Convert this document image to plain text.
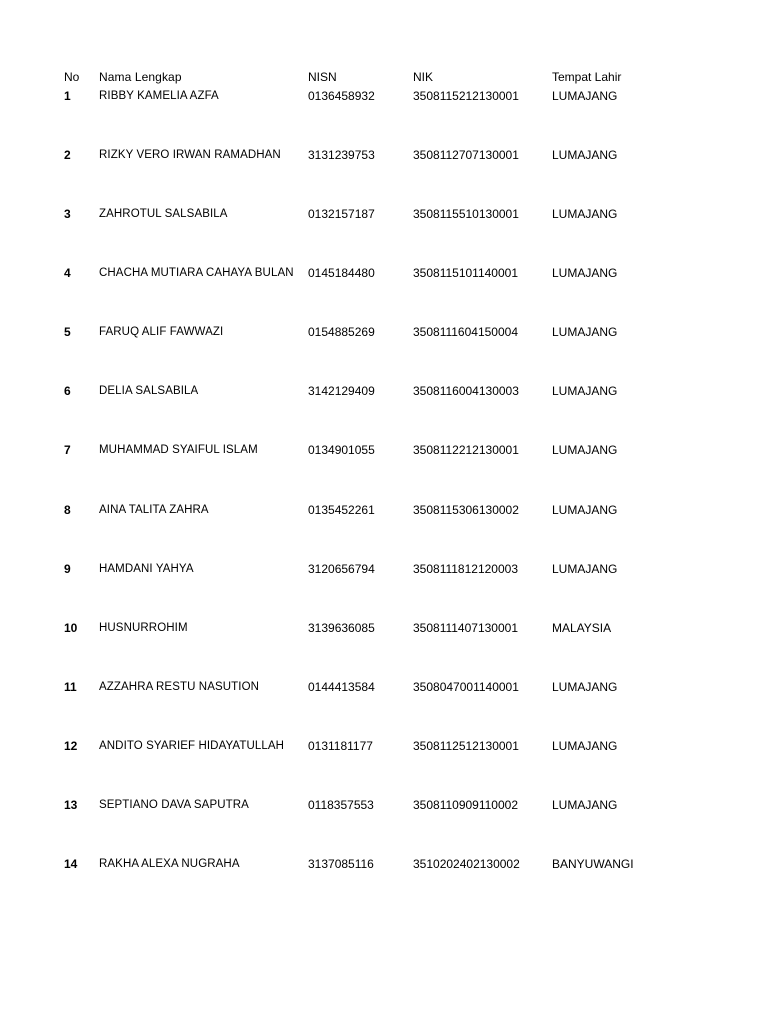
No Nama Lengkap	NISN	NIK	Tempat Lahir
1 RIBBY KAMELIA AZFA	0136458932	3508115212130001	LUMAJANG
2 RIZKY VERO IRWAN RAMADHAN 3131239753	3508112707130001	LUMAJANG
3 ZAHROTUL SALSABILA	0132157187	3508115510130001	LUMAJANG
4 CHACHA MUTIARA CAHAYA BULAN 0145184480	3508115101140001	LUMAJANG
5 FARUQ ALIF FAWWAZI	0154885269	3508111604150004	LUMAJANG
6 DELIA SALSABILA	3142129409	3508116004130003	LUMAJANG
7 MUHAMMAD SYAIFUL ISLAM	0134901055	3508112212130001	LUMAJANG
8 AINA TALITA ZAHRA	0135452261	3508115306130002	LUMAJANG
9 HAMDANI YAHYA	3120656794	3508111812120003	LUMAJANG
10 HUSNURROHIM	3139636085	3508111407130001	MALAYSIA
11 AZZAHRA RESTU NASUTION	0144413584	3508047001140001	LUMAJANG
12 ANDITO SYARIEF HIDAYATULLAH 0131181177	3508112512130001	LUMAJANG
13 SEPTIANO DAVA SAPUTRA	0118357553	3508110909110002	LUMAJANG
14 RAKHA ALEXA NUGRAHA	3137085116	3510202402130002	BANYUWANGI
